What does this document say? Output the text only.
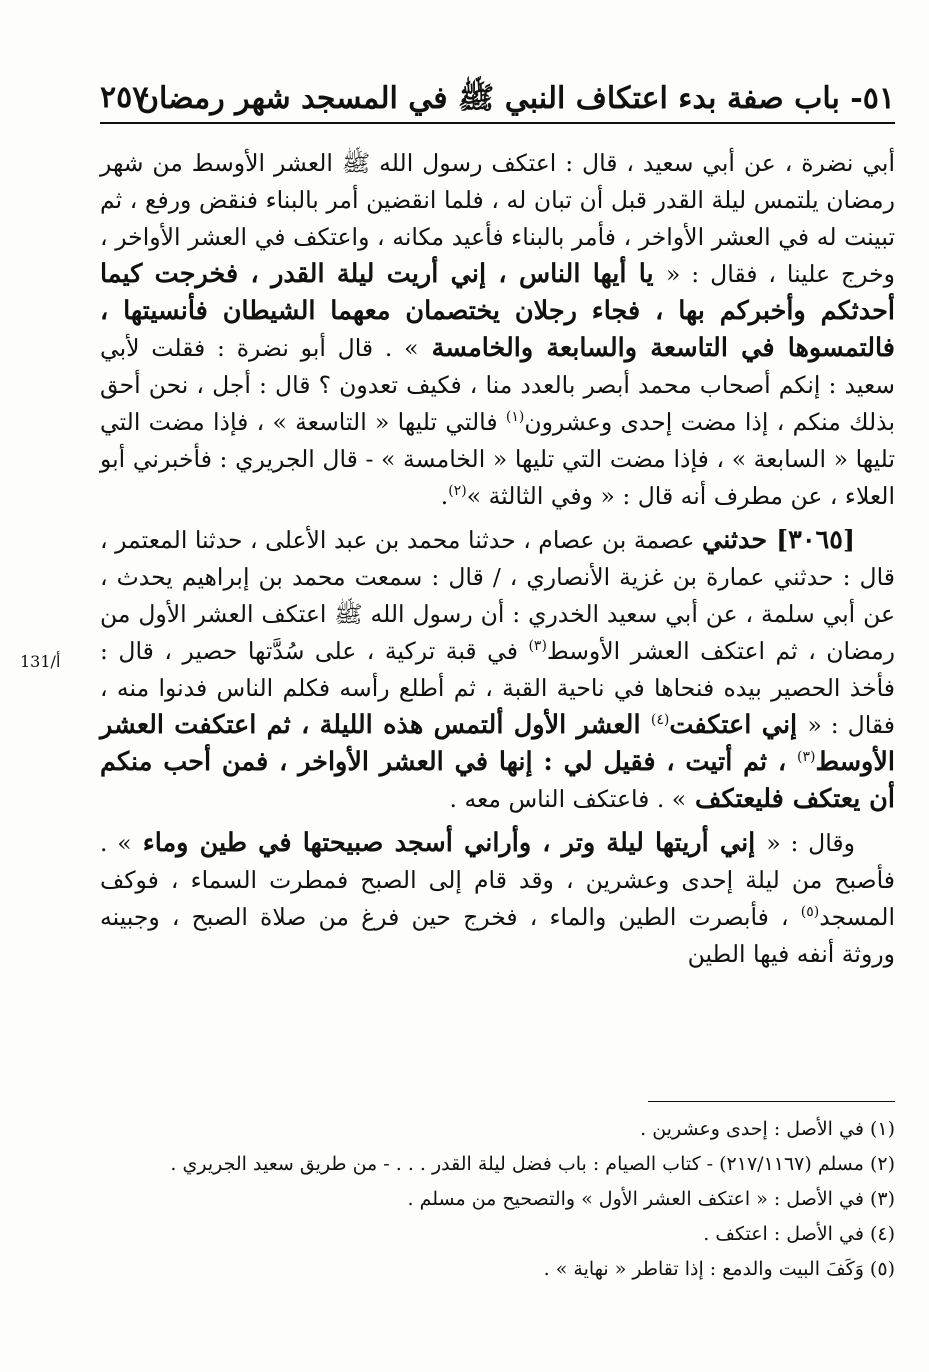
٢٥٧
٥١- باب صفة بدء اعتكاف النبي ﷺ في المسجد شهر رمضان
131/أ

أبي نضرة ، عن أبي سعيد ، قال : اعتكف رسول الله ﷺ العشر الأوسط من شهر رمضان يلتمس ليلة القدر قبل أن تبان له ، فلما انقضين أمر بالبناء فنقض ورفع ، ثم تبينت له في العشر الأواخر ، فأمر بالبناء فأعيد مكانه ، واعتكف في العشر الأواخر ، وخرج علينا ، فقال : « يا أيها الناس ، إني أريت ليلة القدر ، فخرجت كيما أحدثكم وأخبركم بها ، فجاء رجلان يختصمان معهما الشيطان فأنسيتها ، فالتمسوها في التاسعة والسابعة والخامسة » . قال أبو نضرة : فقلت لأبي سعيد : إنكم أصحاب محمد أبصر بالعدد منا ، فكيف تعدون ؟ قال : أجل ، نحن أحق بذلك منكم ، إذا مضت إحدى وعشرون$^{(١)}$ فالتي تليها « التاسعة » ، فإذا مضت التي تليها « السابعة » ، فإذا مضت التي تليها « الخامسة » - قال الجريري : فأخبرني أبو العلاء ، عن مطرف أنه قال : « وفي الثالثة »$^{(٢)}$.

[٣٠٦٥] حدثني عصمة بن عصام ، حدثنا محمد بن عبد الأعلى ، حدثنا المعتمر ، قال : حدثني عمارة بن غزية الأنصاري ، / قال : سمعت محمد بن إبراهيم يحدث ، عن أبي سلمة ، عن أبي سعيد الخدري : أن رسول الله ﷺ اعتكف العشر الأول من رمضان ، ثم اعتكف العشر الأوسط$^{(٣)}$ في قبة تركية ، على سُدَّتها حصير ، قال : فأخذ الحصير بيده فنحاها في ناحية القبة ، ثم أطلع رأسه فكلم الناس فدنوا منه ، فقال : « إني اعتكفت$^{(٤)}$ العشر الأول ألتمس هذه الليلة ، ثم اعتكفت العشر الأوسط$^{(٣)}$ ، ثم أتيت ، فقيل لي : إنها في العشر الأواخر ، فمن أحب منكم أن يعتكف فليعتكف » . فاعتكف الناس معه .

وقال : « إني أريتها ليلة وتر ، وأراني أسجد صبيحتها في طين وماء » . فأصبح من ليلة إحدى وعشرين ، وقد قام إلى الصبح فمطرت السماء ، فوكف المسجد$^{(٥)}$ ، فأبصرت الطين والماء ، فخرج حين فرغ من صلاة الصبح ، وجبينه وروثة أنفه فيها الطين

(١) في الأصل : إحدى وعشرين .

(٢) مسلم (٢١٧/١١٦٧) - كتاب الصيام : باب فضل ليلة القدر . . . - من طريق سعيد الجريري .

(٣) في الأصل : « اعتكف العشر الأول » والتصحيح من مسلم .

(٤) في الأصل : اعتكف .

(٥) وَكَفَ البيت والدمع : إذا تقاطر « نهاية » .
